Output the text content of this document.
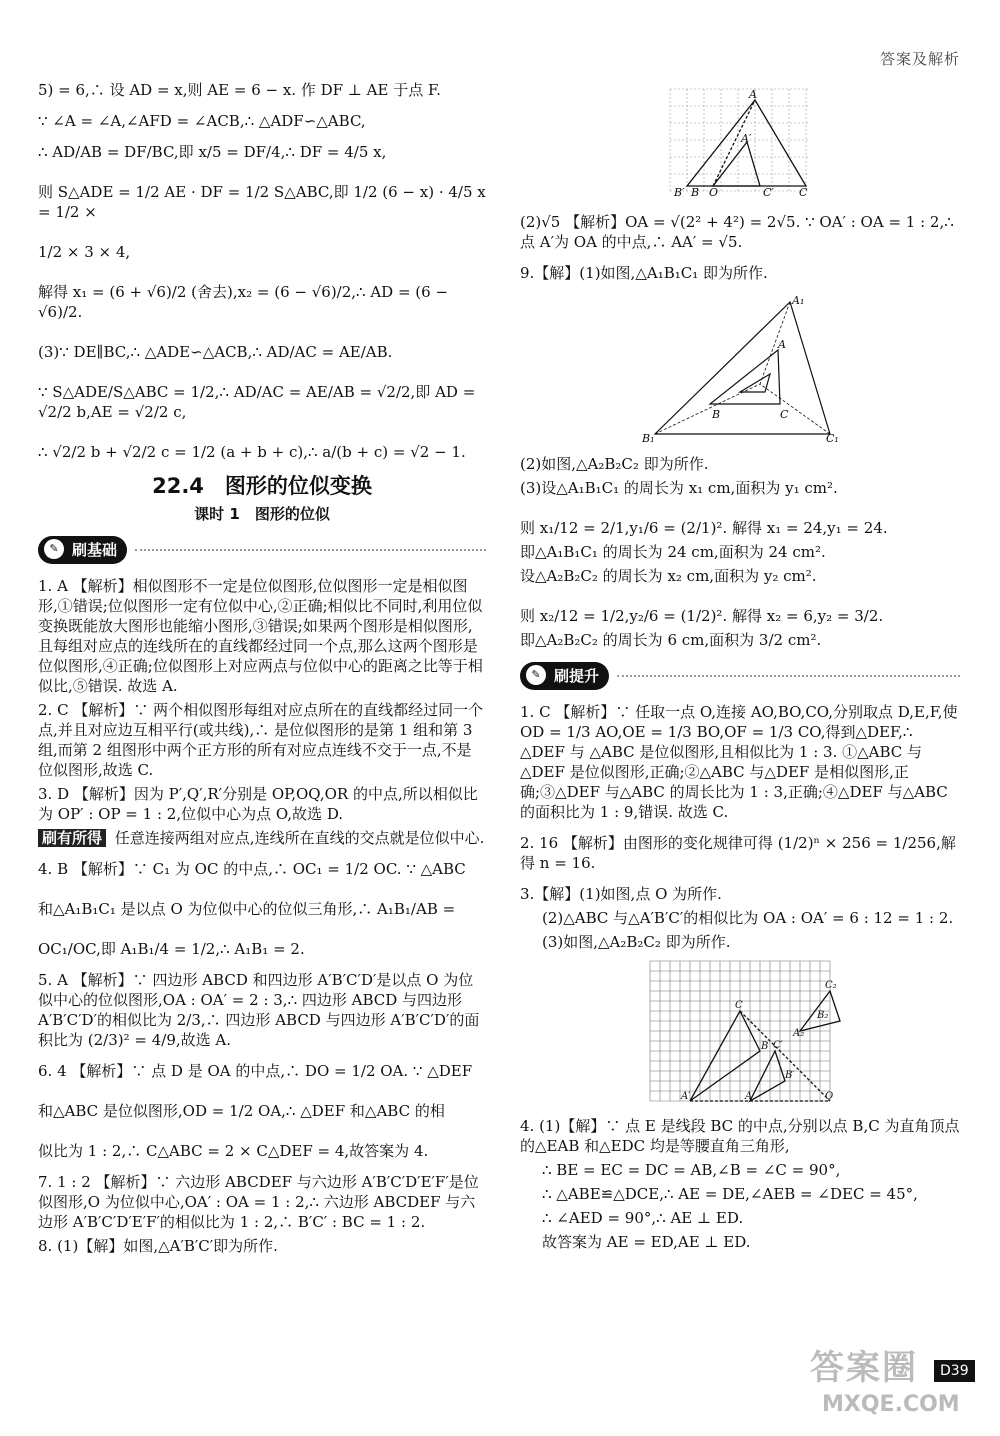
答案及解析
5) = 6,∴ 设 AD = x,则 AE = 6 − x. 作 DF ⊥ AE 于点 F.
∵ ∠A = ∠A,∠AFD = ∠ACB,∴ △ADF∽△ABC,
∴ AD/AB = DF/BC,即 x/5 = DF/4,∴ DF = 4/5 x,
则 S△ADE = 1/2 AE · DF = 1/2 S△ABC,即 1/2 (6 − x) · 4/5 x = 1/2 ×
1/2 × 3 × 4,
解得 x₁ = (6 + √6)/2 (舍去),x₂ = (6 − √6)/2,∴ AD = (6 − √6)/2.
(3)∵ DE∥BC,∴ △ADE∽△ACB,∴ AD/AC = AE/AB.
∵ S△ADE/S△ABC = 1/2,∴ AD/AC = AE/AB = √2/2,即 AD = √2/2 b,AE = √2/2 c,
∴ √2/2 b + √2/2 c = 1/2 (a + b + c),∴ a/(b + c) = √2 − 1.
22.4　图形的位似变换
课时 1　图形的位似
✎ 刷基础
1. A 【解析】相似图形不一定是位似图形,位似图形一定是相似图形,①错误;位似图形一定有位似中心,②正确;相似比不同时,利用位似变换既能放大图形也能缩小图形,③错误;如果两个图形是相似图形,且每组对应点的连线所在的直线都经过同一个点,那么这两个图形是位似图形,④正确;位似图形上对应两点与位似中心的距离之比等于相似比,⑤错误. 故选 A.
2. C 【解析】∵ 两个相似图形每组对应点所在的直线都经过同一个点,并且对应边互相平行(或共线),∴ 是位似图形的是第 1 组和第 3 组,而第 2 组图形中两个正方形的所有对应点连线不交于一点,不是位似图形,故选 C.
3. D 【解析】因为 P′,Q′,R′分别是 OP,OQ,OR 的中点,所以相似比为 OP′ : OP = 1 : 2,位似中心为点 O,故选 D.
刷有所得 任意连接两组对应点,连线所在直线的交点就是位似中心.
4. B 【解析】∵ C₁ 为 OC 的中点,∴ OC₁ = 1/2 OC. ∵ △ABC
和△A₁B₁C₁ 是以点 O 为位似中心的位似三角形,∴ A₁B₁/AB =
OC₁/OC,即 A₁B₁/4 = 1/2,∴ A₁B₁ = 2.
5. A 【解析】∵ 四边形 ABCD 和四边形 A′B′C′D′是以点 O 为位似中心的位似图形,OA : OA′ = 2 : 3,∴ 四边形 ABCD 与四边形 A′B′C′D′的相似比为 2/3,∴ 四边形 ABCD 与四边形 A′B′C′D′的面积比为 (2/3)² = 4/9,故选 A.
6. 4 【解析】∵ 点 D 是 OA 的中点,∴ DO = 1/2 OA. ∵ △DEF
和△ABC 是位似图形,OD = 1/2 OA,∴ △DEF 和△ABC 的相
似比为 1 : 2,∴ C△ABC = 2 × C△DEF = 4,故答案为 4.
7. 1 : 2 【解析】∵ 六边形 ABCDEF 与六边形 A′B′C′D′E′F′是位似图形,O 为位似中心,OA′ : OA = 1 : 2,∴ 六边形 ABCDEF 与六边形 A′B′C′D′E′F′的相似比为 1 : 2,∴ B′C′ : BC = 1 : 2.
8. (1)【解】如图,△A′B′C′即为所作.
A
A′
B′ B O	C′ C
(2)√5 【解析】OA = √(2² + 4²) = 2√5. ∵ OA′ : OA = 1 : 2,∴ 点 A′为 OA 的中点,∴ AA′ = √5.
9.【解】(1)如图,△A₁B₁C₁ 即为所作.
A₁
A
B	C
B₁	C₁
(2)如图,△A₂B₂C₂ 即为所作.
(3)设△A₁B₁C₁ 的周长为 x₁ cm,面积为 y₁ cm².
则 x₁/12 = 2/1,y₁/6 = (2/1)². 解得 x₁ = 24,y₁ = 24.
即△A₁B₁C₁ 的周长为 24 cm,面积为 24 cm².
设△A₂B₂C₂ 的周长为 x₂ cm,面积为 y₂ cm².
则 x₂/12 = 1/2,y₂/6 = (1/2)². 解得 x₂ = 6,y₂ = 3/2.
即△A₂B₂C₂ 的周长为 6 cm,面积为 3/2 cm².
✎ 刷提升
1. C 【解析】∵ 任取一点 O,连接 AO,BO,CO,分别取点 D,E,F,使 OD = 1/3 AO,OE = 1/3 BO,OF = 1/3 CO,得到△DEF,∴ △DEF 与 △ABC 是位似图形,且相似比为 1 : 3. ①△ABC 与△DEF 是位似图形,正确;②△ABC 与△DEF 是相似图形,正确;③△DEF 与△ABC 的周长比为 1 : 3,正确;④△DEF 与△ABC 的面积比为 1 : 9,错误. 故选 C.
2. 16 【解析】由图形的变化规律可得 (1/2)ⁿ × 256 = 1/256,解得 n = 16.
3.【解】(1)如图,点 O 为所作.
(2)△ABC 与△A′B′C′的相似比为 OA : OA′ = 6 : 12 = 1 : 2.
(3)如图,△A₂B₂C₂ 即为所作.
C
C′
B
A
B′
A′
C₂
B₂
A₂
O
4. (1)【解】∵ 点 E 是线段 BC 的中点,分别以点 B,C 为直角顶点的△EAB 和△EDC 均是等腰直角三角形,
∴ BE = EC = DC = AB,∠B = ∠C = 90°,
∴ △ABE≌△DCE,∴ AE = DE,∠AEB = ∠DEC = 45°,
∴ ∠AED = 90°,∴ AE ⊥ ED.
故答案为 AE = ED,AE ⊥ ED.
答案圈
MXQE.COM
D39
